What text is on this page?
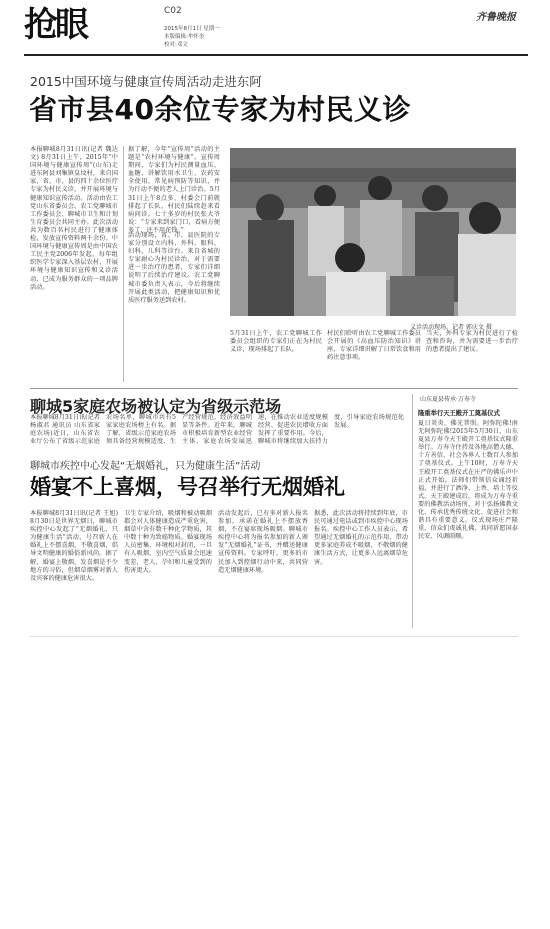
抢眼	C02
2015年8月1日 星期一
本版编辑:牟怀奎
校对:邓文
齐鲁晚报
2015中国环境与健康宣传周活动走进东阿
省市县40余位专家为村民义诊
本报聊城8月31日讯(记者 魏达文) 8月31日上午，2015年“中国环境与健康宣传周”(山东)走进东阿县刘集镇皇坟村，来自国家、省、市、县的四十余位医疗专家为村民义诊，并开展环境与健康知识宣传活动。活动由农工党山东省委员会、农工党聊城市工作委员会、聊城市卫生和计划生育委员会共同主办。此次活动共为数百名村民进行了健康体检，发放宣传资料两千余份。中国环境与健康宣传周是由中国农工民主党2006年发起，每年组织医学专家深入基层农村，开展环境与健康知识宣传和义诊活动，已成为服务群众的一项品牌活动。
据了解，今年“宣传周”活动的主题是“农村环境与健康”。宣传周期间，专家们为村民测量血压、血糖，讲解饮用水卫生、农药安全使用、常见病预防等知识，并为行动不便的老人上门诊治。5月31日上午8点多，村委会门前就排起了长队，村民们陆续赶来看病问诊。七十多岁的村民张大爷说：“专家来到家门口，看病方便多了，还不用花钱。”
活动现场，省、市、县医院的专家分别设立内科、外科、眼科、妇科、儿科等诊台。来自省城的专家耐心为村民诊治，对于需要进一步治疗的患者，专家们详细说明了后续治疗建议。农工党聊城市委负责人表示，今后将继续开展此类活动，把健康知识和优质医疗服务送到农村。
义诊活动现场。记者 郭庆文 摄
5月31日上午，农工党聊城工作委员会组织的专家们正在为村民义诊，现场排起了长队。
村民们聆听由农工党聊城工作委员会开展的《高血压防治知识》讲座，专家详细讲解了日常饮食和用药注意事项。
当天，外科专家为村民进行了检查和咨询，并为需要进一步治疗的患者提出了建议。
聊城5家庭农场被认定为省级示范场
本报聊城8月31日讯(记者 杨淑君 通讯员 山东省家庭农场)近日，山东省农业厅公布了省级示范家庭农场名单，聊城市共有5家家庭农场榜上有名。据了解，省级示范家庭农场须具备经营规模适度、生产经营规范、经济效益明显等条件。近年来，聊城市积极培育新型农业经营主体，家庭农场发展迅速，在推动农业适度规模经营、促进农民增收方面发挥了重要作用。今后，聊城市将继续加大扶持力度，引导家庭农场规范化发展。
山东夏县传承·万寿寺
隆重举行天王殿开工奠基仪式
夏日炎炎，佛光普照。阿弥陀佛!南无阿弥陀佛!2015年5月30日，山东夏县万寿寺天王殿开工奠基仪式隆重举行。万寿寺住持及各地高僧大德、十方善信、社会各界人士数百人参加了奠基仪式。上午10时，万寿寺天王殿开工奠基仪式在庄严的佛乐声中正式开始。法师们带领信众诵经祈福，并进行了洒净、上香、培土等仪式。天王殿建成后，将成为万寿寺重要的佛教活动场所，对于弘扬佛教文化、传承优秀传统文化、促进社会和谐具有重要意义。仪式现场庄严隆重，信众们虔诚礼佛，共同祈愿国泰民安、风调雨顺。
聊城市疾控中心发起“无烟婚礼，只为健康生活”活动
婚宴不上喜烟，号召举行无烟婚礼
本报聊城8月31日讯(记者 王旭)8月30日是世界无烟日，聊城市疾控中心发起了“无烟婚礼，只为健康生活”活动，号召新人在婚礼上不摆喜烟、不敬喜烟，倡导文明健康的婚俗新风尚。据了解，婚宴上敬烟、发喜烟是不少地方的习俗，但烟草烟雾对新人及宾客的健康危害很大。
卫生专家介绍，吸烟和被动吸烟都会对人体健康造成严重危害，烟草中含有数千种化学物质，其中数十种为致癌物质。婚宴现场人员密集，环境相对封闭，一旦有人吸烟，室内空气质量会迅速变差，老人、孕妇和儿童受到的伤害更大。
活动发起后，已有多对新人报名参加，承诺在婚礼上不摆放香烟，不在宴席现场吸烟。聊城市疾控中心将为报名参加的新人颁发“无烟婚礼”证书，并赠送健康宣传资料。专家呼吁，更多的市民加入到控烟行动中来，共同营造无烟健康环境。
据悉，此次活动将持续到年底，市民可通过电话或到市疾控中心现场报名。疾控中心工作人员表示，希望通过无烟婚礼的示范作用，带动更多家庭养成不吸烟、不敬烟的健康生活方式，让更多人远离烟草危害。
